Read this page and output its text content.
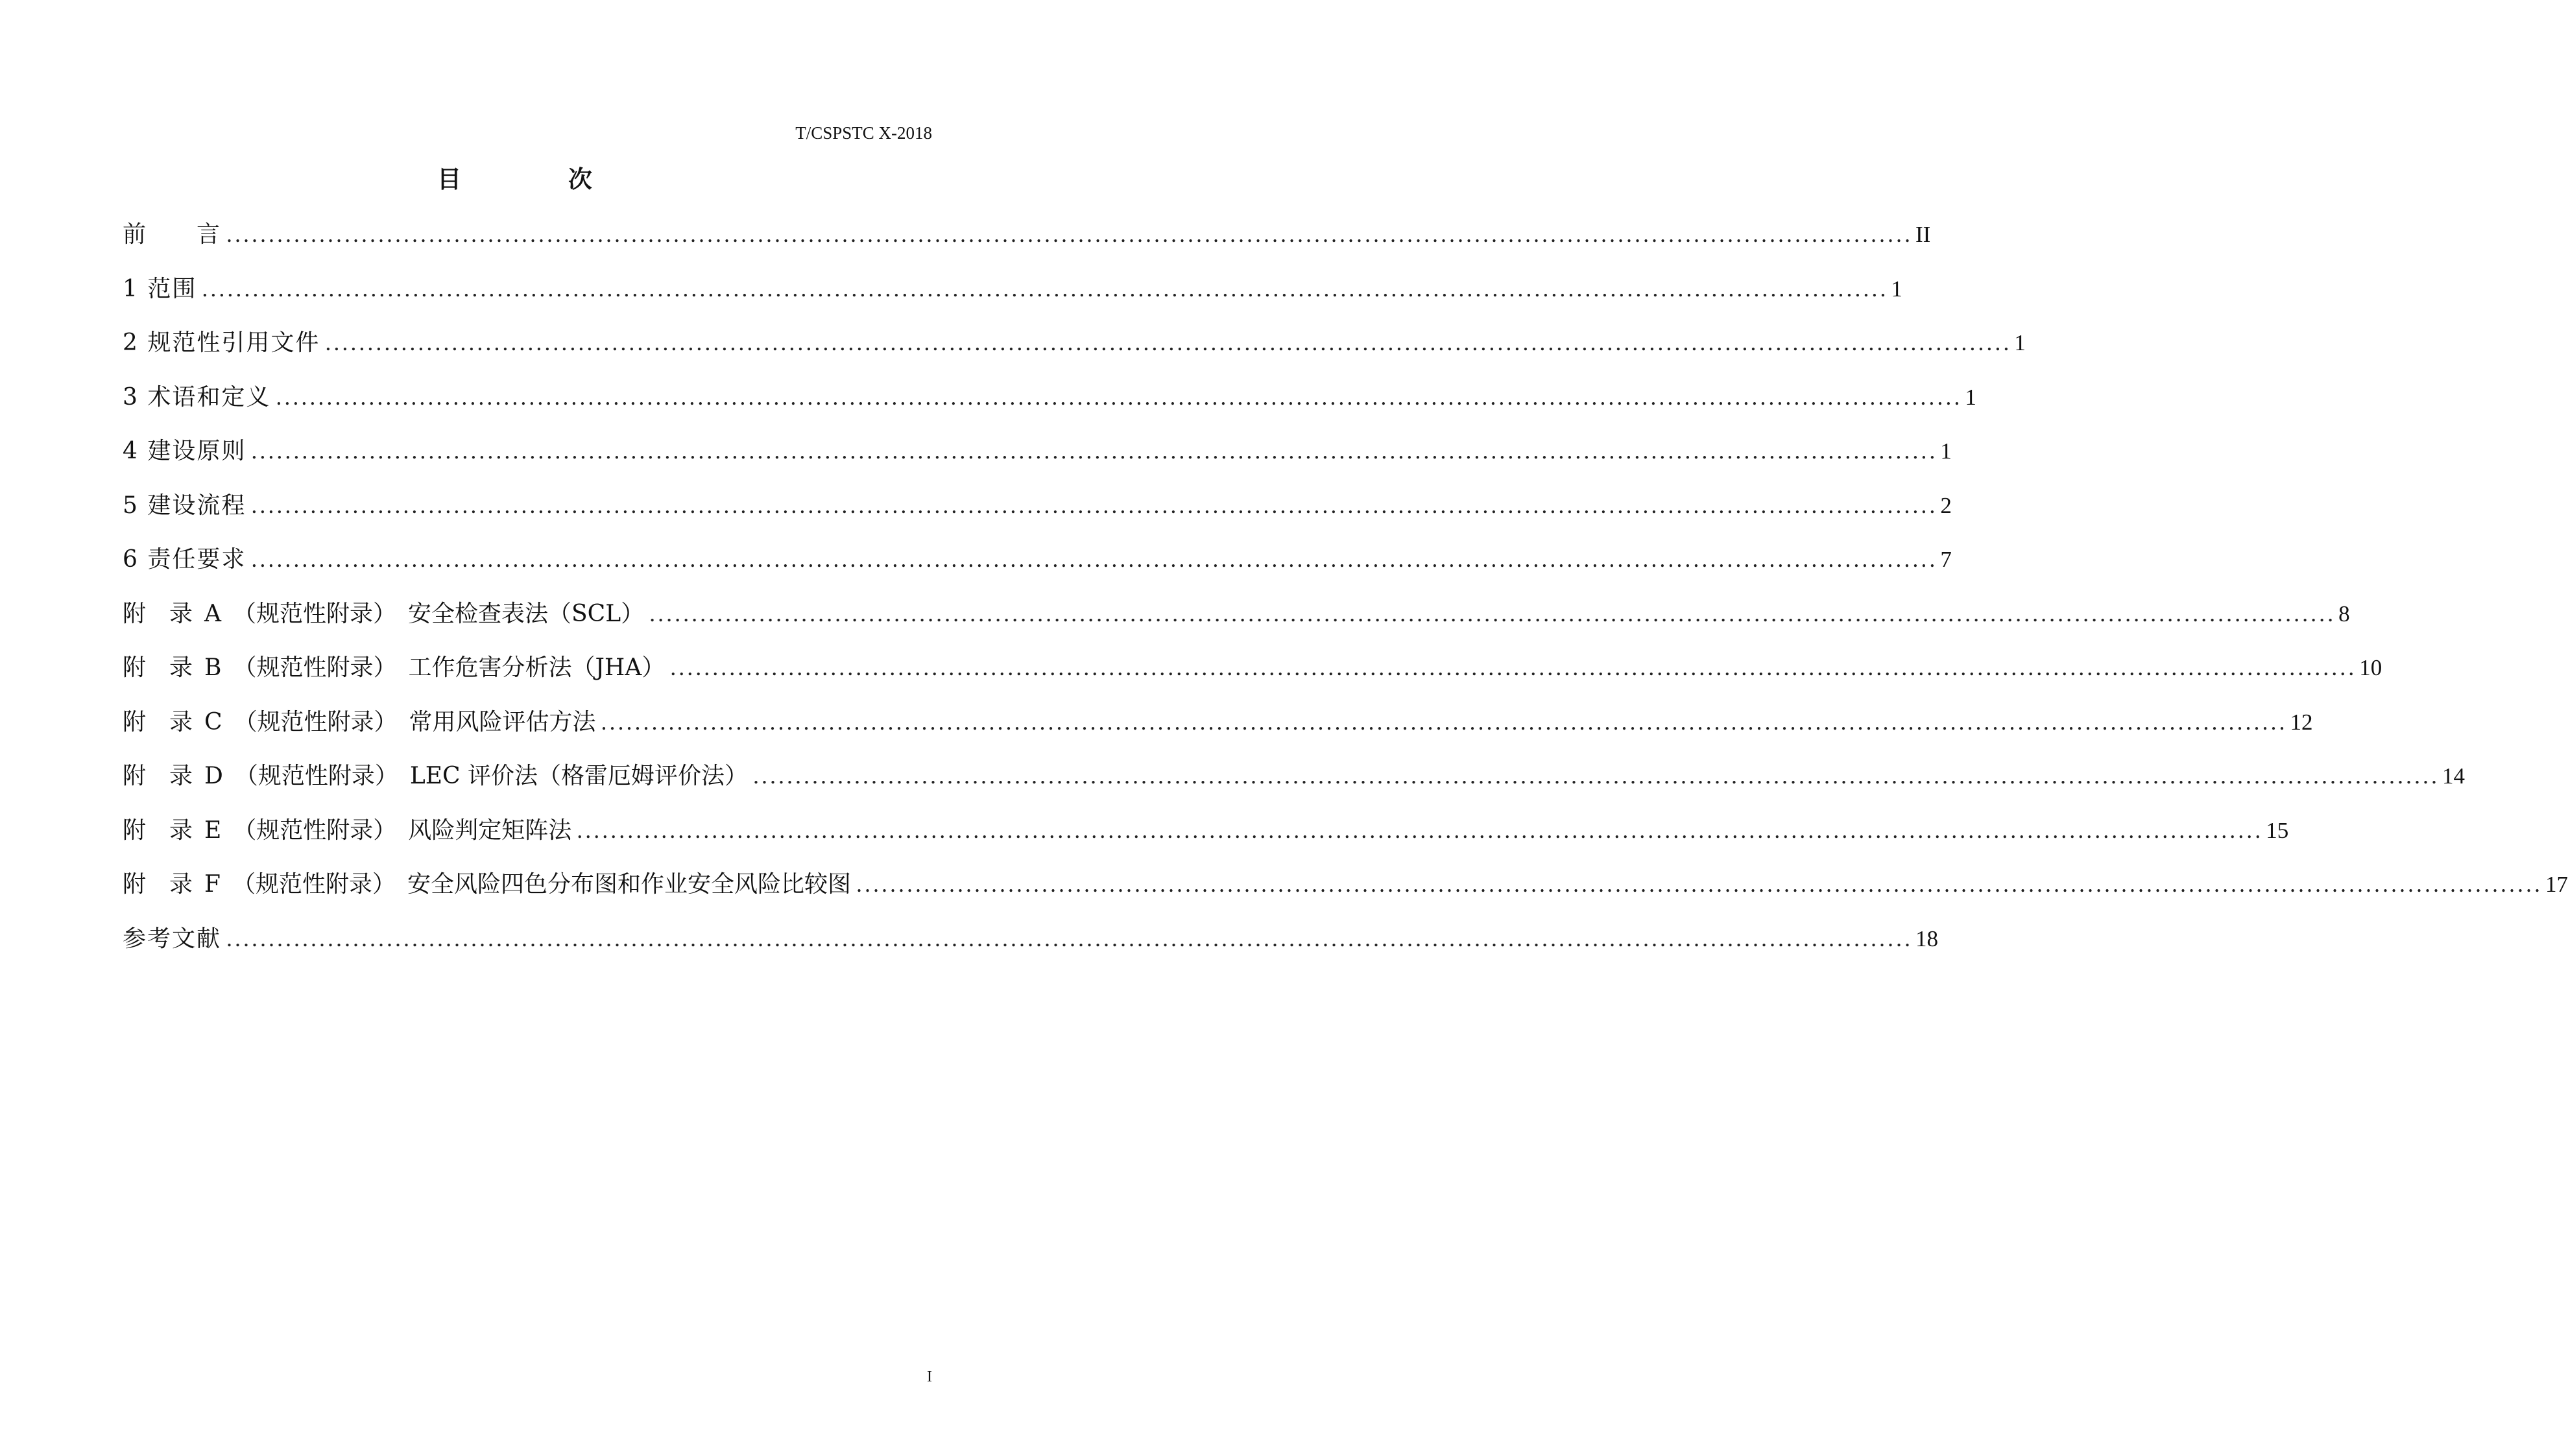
T/CSPSTC X-2018
目 次
前　　言 ........................................................................................................................................................................................................ II
1 范围 ........................................................................................................................................................................................................ 1
2 规范性引用文件 ........................................................................................................................................................................................................ 1
3 术语和定义 ........................................................................................................................................................................................................ 1
4 建设原则 ........................................................................................................................................................................................................ 1
5 建设流程 ........................................................................................................................................................................................................ 2
6 责任要求 ........................................................................................................................................................................................................ 7
附　录 A （规范性附录） 安全检查表法（SCL） ........................................................................................................................................................................................................ 8
附　录 B （规范性附录） 工作危害分析法（JHA） ........................................................................................................................................................................................................ 10
附　录 C （规范性附录） 常用风险评估方法 ........................................................................................................................................................................................................ 12
附　录 D （规范性附录） LEC 评价法（格雷厄姆评价法） ........................................................................................................................................................................................................ 14
附　录 E （规范性附录） 风险判定矩阵法 ........................................................................................................................................................................................................ 15
附　录 F （规范性附录） 安全风险四色分布图和作业安全风险比较图 ........................................................................................................................................................................................................ 17
参考文献 ........................................................................................................................................................................................................ 18
I
